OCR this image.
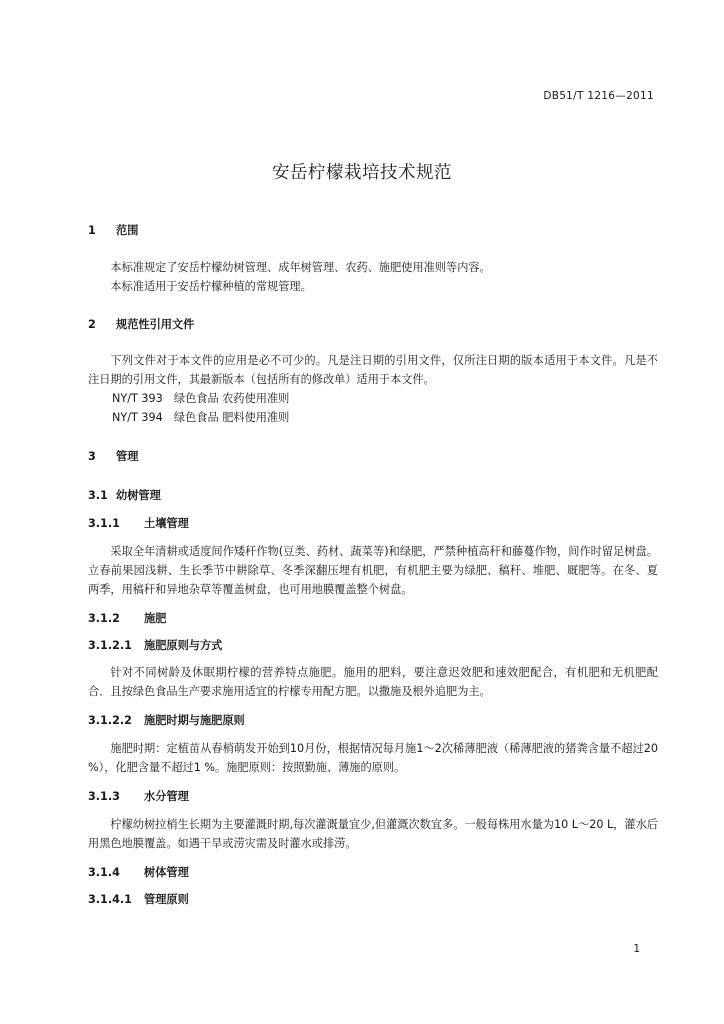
DB51/T 1216—2011
安岳柠檬栽培技术规范
1 范围
本标准规定了安岳柠檬幼树管理、成年树管理、农药、施肥使用准则等内容。
本标准适用于安岳柠檬种植的常规管理。
2 规范性引用文件
下列文件对于本文件的应用是必不可少的。凡是注日期的引用文件，仅所注日期的版本适用于本文件。凡是不注日期的引用文件，其最新版本（包括所有的修改单）适用于本文件。
NY/T 393　绿色食品 农药使用准则
NY/T 394　绿色食品 肥料使用准则
3 管理
3.1 幼树管理
3.1.1 土壤管理
采取全年清耕或适度间作矮秆作物(豆类、药材、蔬菜等)和绿肥，严禁种植高秆和藤蔓作物，间作时留足树盘。立春前果园浅耕、生长季节中耕除草、冬季深翻压埋有机肥，有机肥主要为绿肥、稿秆、堆肥、厩肥等。在冬、夏两季，用稿秆和异地杂草等覆盖树盘，也可用地膜覆盖整个树盘。
3.1.2 施肥
3.1.2.1 施肥原则与方式
针对不同树龄及休眠期柠檬的营养特点施肥。施用的肥料，要注意迟效肥和速效肥配合，有机肥和无机肥配合．且按绿色食品生产要求施用适宜的柠檬专用配方肥。以撒施及根外追肥为主。
3.1.2.2 施肥时期与施肥原则
施肥时期：定植苗从春梢萌发开始到10月份，根据情况每月施1～2次稀薄肥液（稀薄肥液的猪粪含量不超过20 %），化肥含量不超过1 %。施肥原则：按照勤施、薄施的原则。
3.1.3 水分管理
柠檬幼树拉梢生长期为主要灌溉时期,每次灌溉量宜少,但灌溉次数宜多。一般每株用水量为10 L～20 L，灌水后用黑色地膜覆盖。如遇干旱或涝灾需及时灌水或排涝。
3.1.4 树体管理
3.1.4.1 管理原则
1
